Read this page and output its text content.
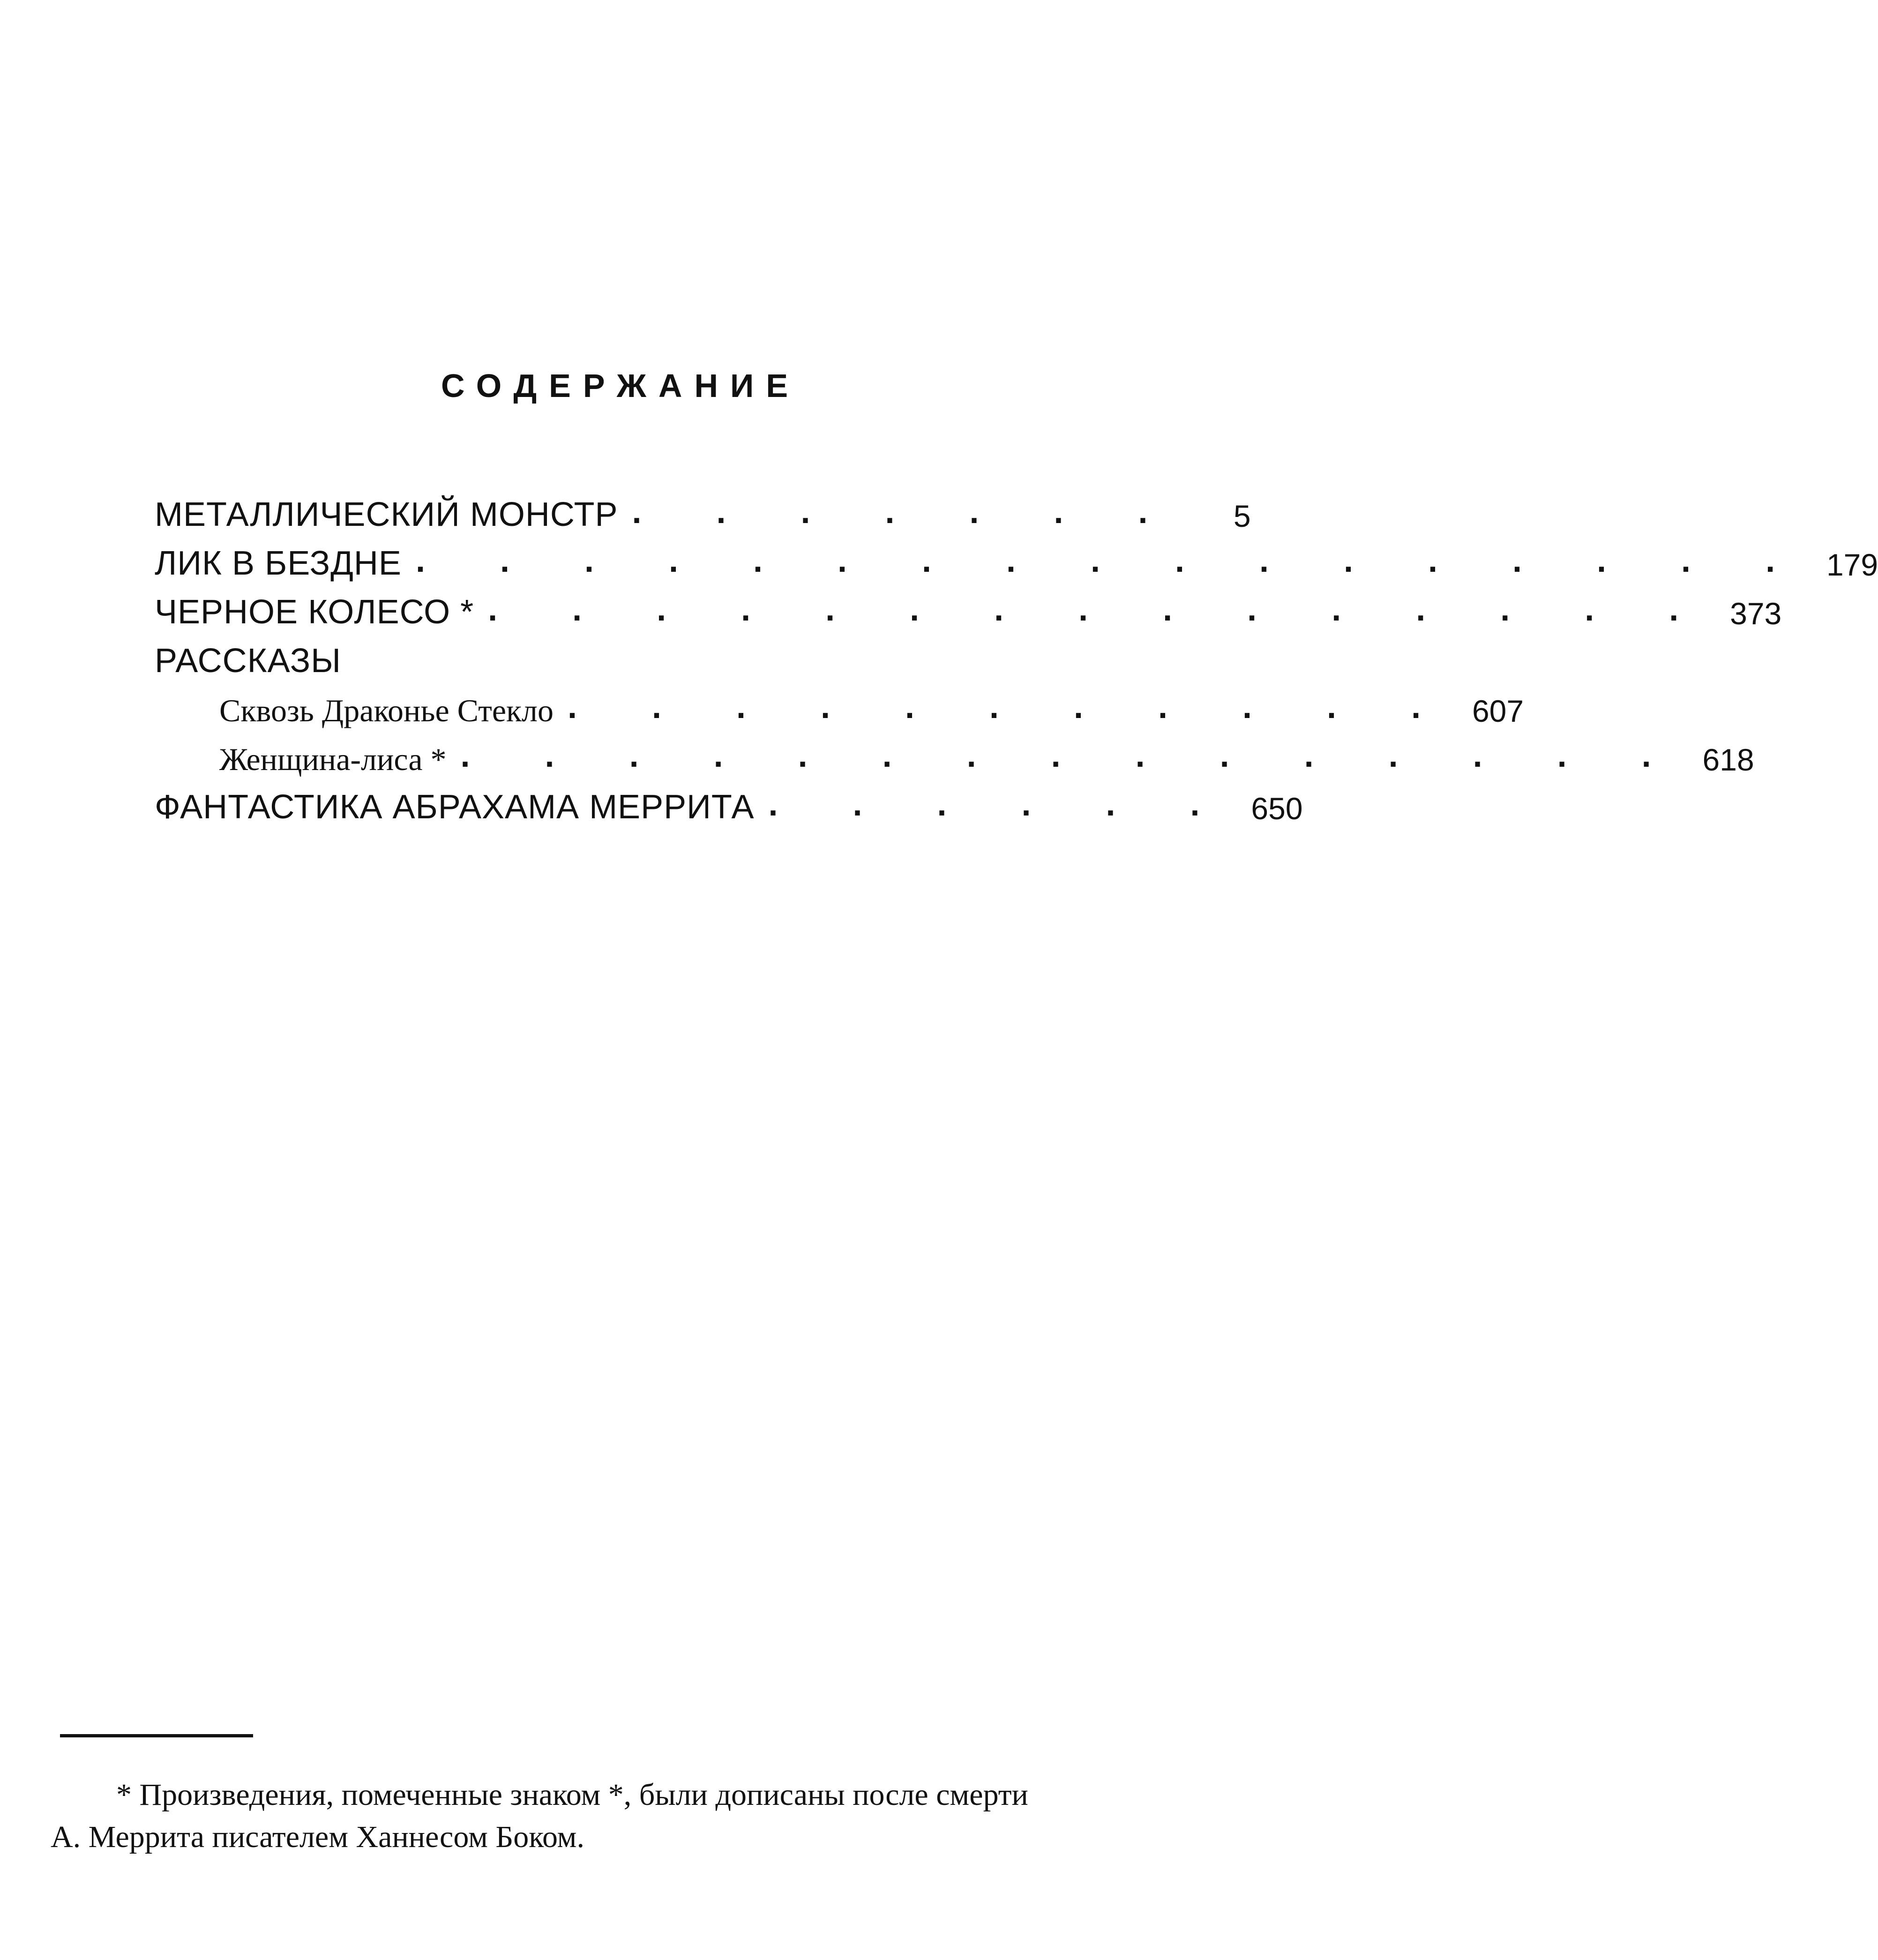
СОДЕРЖАНИЕ
МЕТАЛЛИЧЕСКИЙ МОНСТР . . . . . . .	5
ЛИК В БЕЗДНЕ . . . . . . . . . . . . . . . . . 179
ЧЕРНОЕ КОЛЕСО * . . . . . . . . . . . . . . . 373
РАССКАЗЫ
Сквозь Драконье Стекло . . . . . . . . . . . 607
Женщина-лиса * . . . . . . . . . . . . . . . 618
ФАНТАСТИКА АБРАХАМА МЕРРИТА . . . . . . 650
* Произведения, помеченные знаком *, были дописаны после смерти
А. Меррита писателем Ханнесом Боком.
